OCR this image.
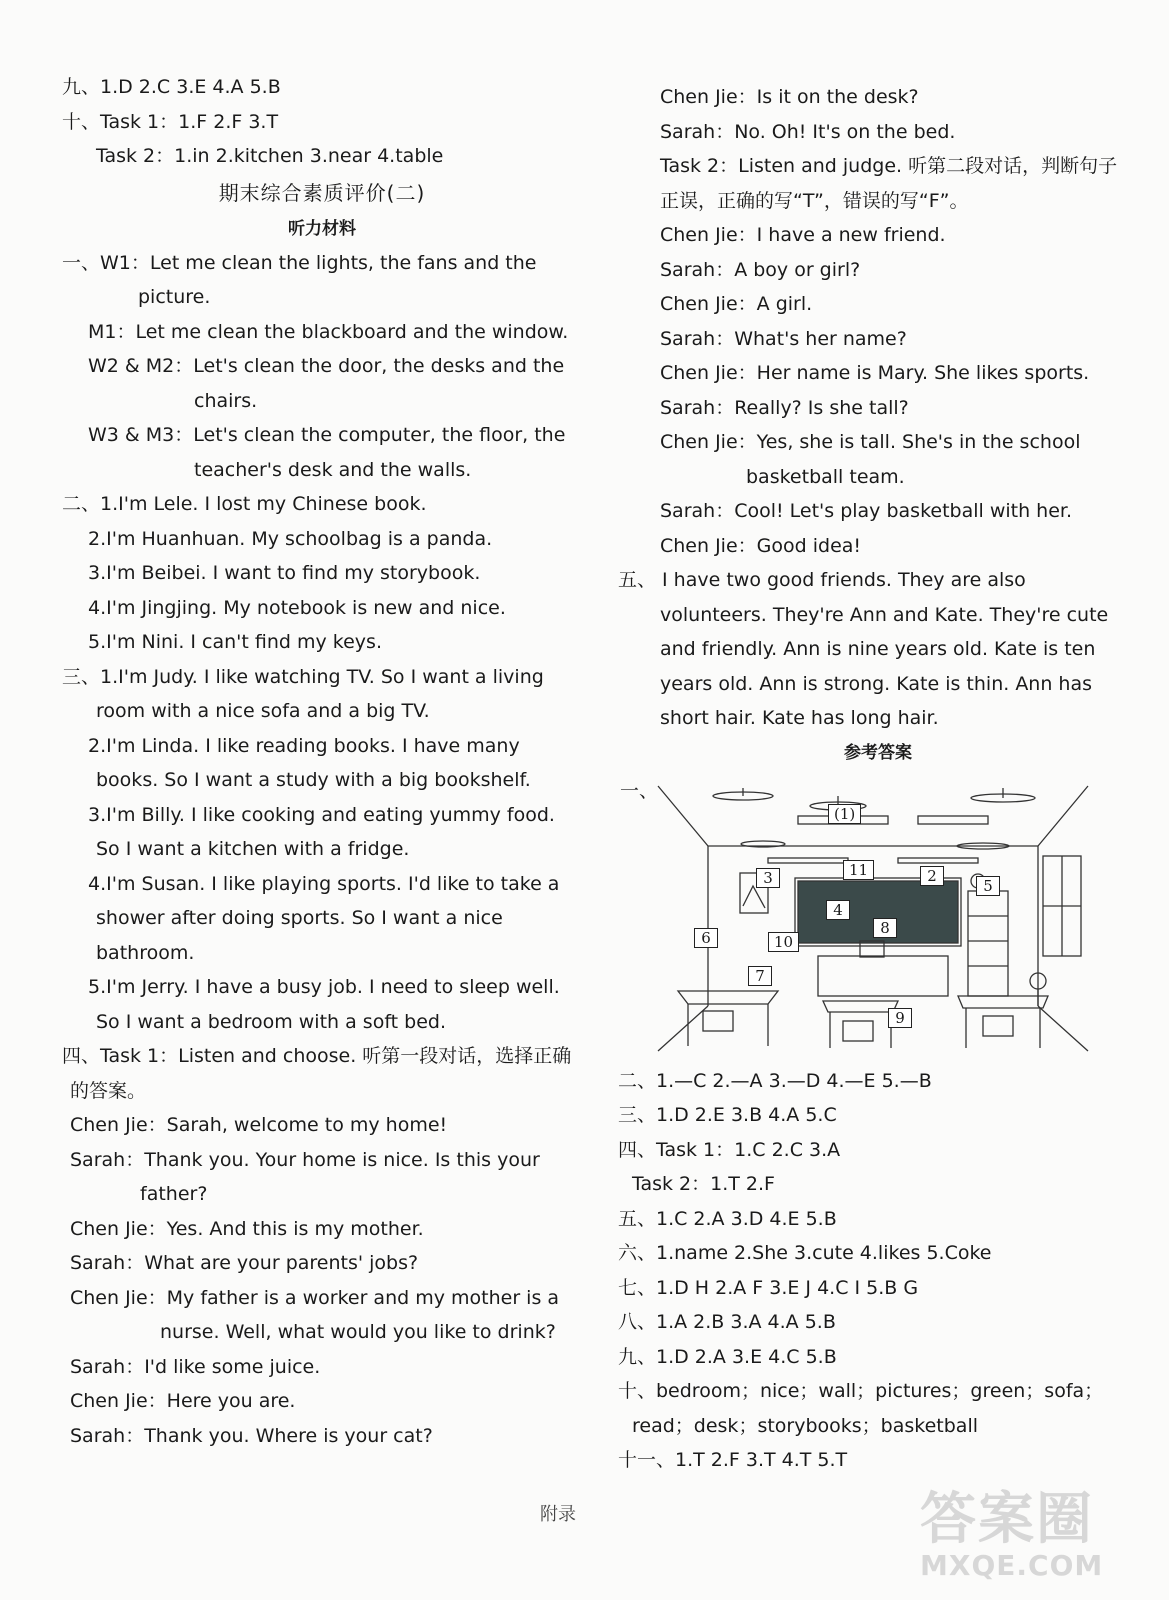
九、1.D 2.C 3.E 4.A 5.B
十、Task 1：1.F 2.F 3.T
Task 2：1.in 2.kitchen 3.near 4.table
期末综合素质评价(二)
听力材料
一、W1：Let me clean the lights, the fans and the
picture.
M1：Let me clean the blackboard and the window.
W2 & M2：Let's clean the door, the desks and the
chairs.
W3 & M3：Let's clean the computer, the floor, the
teacher's desk and the walls.
二、1.I'm Lele. I lost my Chinese book.
2.I'm Huanhuan. My schoolbag is a panda.
3.I'm Beibei. I want to find my storybook.
4.I'm Jingjing. My notebook is new and nice.
5.I'm Nini. I can't find my keys.
三、1.I'm Judy. I like watching TV. So I want a living
room with a nice sofa and a big TV.
2.I'm Linda. I like reading books. I have many
books. So I want a study with a big bookshelf.
3.I'm Billy. I like cooking and eating yummy food.
So I want a kitchen with a fridge.
4.I'm Susan. I like playing sports. I'd like to take a
shower after doing sports. So I want a nice
bathroom.
5.I'm Jerry. I have a busy job. I need to sleep well.
So I want a bedroom with a soft bed.
四、Task 1：Listen and choose. 听第一段对话，选择正确
的答案。
Chen Jie：Sarah, welcome to my home!
Sarah：Thank you. Your home is nice. Is this your
father?
Chen Jie：Yes. And this is my mother.
Sarah：What are your parents' jobs?
Chen Jie：My father is a worker and my mother is a
nurse. Well, what would you like to drink?
Sarah：I'd like some juice.
Chen Jie：Here you are.
Sarah：Thank you. Where is your cat?
Chen Jie：Is it on the desk?
Sarah：No. Oh! It's on the bed.
Task 2：Listen and judge. 听第二段对话，判断句子
正误，正确的写“T”，错误的写“F”。
Chen Jie：I have a new friend.
Sarah：A boy or girl?
Chen Jie：A girl.
Sarah：What's her name?
Chen Jie：Her name is Mary. She likes sports.
Sarah：Really? Is she tall?
Chen Jie：Yes, she is tall. She's in the school
basketball team.
Sarah：Cool! Let's play basketball with her.
Chen Jie：Good idea!
五、 I have two good friends. They are also
volunteers. They're Ann and Kate. They're cute
and friendly. Ann is nine years old. Kate is ten
years old. Ann is strong. Kate is thin. Ann has
short hair. Kate has long hair.
参考答案
一、
(1)
11
3	2
5
4
8
6	10
7
9
二、1.—C 2.—A 3.—D 4.—E 5.—B
三、1.D 2.E 3.B 4.A 5.C
四、Task 1：1.C 2.C 3.A
Task 2：1.T 2.F
五、1.C 2.A 3.D 4.E 5.B
六、1.name 2.She 3.cute 4.likes 5.Coke
七、1.D H 2.A F 3.E J 4.C I 5.B G
八、1.A 2.B 3.A 4.A 5.B
九、1.D 2.A 3.E 4.C 5.B
十、bedroom；nice；wall；pictures；green；sofa；
read；desk；storybooks；basketball
十一、1.T 2.F 3.T 4.T 5.T
附录	答案圈
MXQE.COM
